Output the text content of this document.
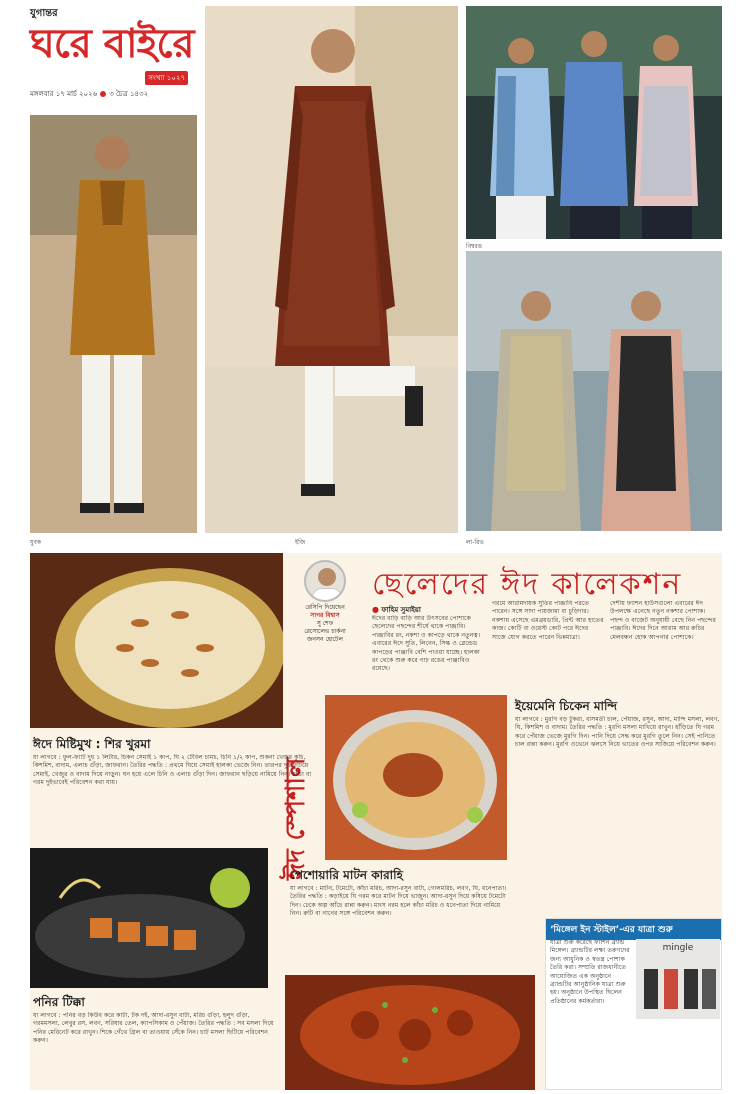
যুগান্তর
ঘরে বাইরে
সংখ্যা ১০২৭
মঙ্গলবার ১৭ মার্চ ২০২৬ ৩ চৈত্র ১৪৩২
যুবক	ইজি
বিশ্বরঙ
লা-রিভ
রেসিপি দিয়েছেন
সাগর বিশ্বাস
সু শেফ
রেসোলেভ চার্কনা
জনসন হোটেল
ছেলেদের ঈদ কালেকশন
● ফাহিম সুমাইয়া
ঈদের বাড়ি বাড়ি আর উৎসবের পোশাকে ছেলেদের পছন্দের শীর্ষে থাকে পাঞ্জাবি। পাঞ্জাবির রং, নকশা ও কাপড়ে থাকে নতুনত্ব। এবারের ঈদে সুতি, লিনেন, সিল্ক ও ব্লেন্ডেড কাপড়ের পাঞ্জাবি বেশি পাওয়া যাচ্ছে। হালকা রং থেকে শুরু করে গাঢ় রঙের পাঞ্জাবিও রয়েছে।
গরমে আরামদায়ক সুতির পাঞ্জাবি পরতে পারেন। সঙ্গে সাদা পায়জামা বা চুড়িদার। নকশায় এসেছে এমব্রয়ডারি, প্রিন্ট আর হাতের কাজ। কোটি বা ওয়েস্ট কোট পরে ঈদের সাজে যোগ করতে পারেন ভিন্নমাত্রা।
দেশীয় ফ্যাশন হাউসগুলো এবারের ঈদ উপলক্ষে এনেছে নতুন নকশার পোশাক। পছন্দ ও বাজেট অনুযায়ী বেছে নিন পছন্দের পাঞ্জাবি। ঈদের দিনে আরাম আর রুচির মেলবন্ধন হোক আপনার পোশাকে।
ঈদ স্পেশাল
ইয়েমেনি চিকেন মান্দি
যা লাগবে : মুরগি বড় টুকরা, বাসমতী চাল, পেঁয়াজ, রসুন, আদা, মান্দি মসলা, লবণ, ঘি, কিশমিশ ও বাদাম। তৈরির পদ্ধতি : মুরগি মসলা মাখিয়ে রাখুন। হাঁড়িতে ঘি গরম করে পেঁয়াজ ভেজে মুরগি দিন। পানি দিয়ে সেদ্ধ করে মুরগি তুলে নিন। সেই পানিতে চাল রান্না করুন। মুরগি ওভেনে ঝলসে নিয়ে ভাতের ওপর সাজিয়ে পরিবেশন করুন।
ঈদে মিষ্টিমুখ : শির খুরমা
যা লাগবে : ফুল-ফ্যাট দুধ ১ লিটার, চিকন সেমাই ১ কাপ, ঘি ২ টেবিল চামচ, চিনি ১/২ কাপ, শুকনা খেজুর কুচি, কিশমিশ, বাদাম, এলাচ গুঁড়া, জাফরান। তৈরির পদ্ধতি : প্রথমে ঘিয়ে সেমাই হালকা ভেজে নিন। তারপর দুধ ফুটিয়ে সেমাই, খেজুর ও বাদাম দিয়ে নাড়ুন। ঘন হয়ে এলে চিনি ও এলাচ গুঁড়া দিন। জাফরান ছড়িয়ে নামিয়ে নিন। ঠান্ডা বা গরম দুইভাবেই পরিবেশন করা যায়।
পনির টিক্কা
যা লাগবে : পনির বড় কিউব করে কাটা, টক দই, আদা-রসুন বাটা, মরিচ গুঁড়া, হলুদ গুঁড়া, গরমমসলা, লেবুর রস, লবণ, সরিষার তেল, ক্যাপসিকাম ও পেঁয়াজ। তৈরির পদ্ধতি : সব মসলা দিয়ে পনির মেরিনেট করে রাখুন। শিকে গেঁথে গ্রিল বা তাওয়ায় সেঁকে নিন। চাট মসলা ছিটিয়ে পরিবেশন করুন।
পেশোয়ারি মাটন কারাহি
যা লাগবে : মাটন, টমেটো, কাঁচা মরিচ, আদা-রসুন বাটা, গোলমরিচ, লবণ, ঘি, ধনেপাতা। তৈরির পদ্ধতি : কড়াইয়ে ঘি গরম করে মাটন দিয়ে ভাজুন। আদা-রসুন দিয়ে কষিয়ে টমেটো দিন। ঢেকে অল্প আঁচে রান্না করুন। মাংস নরম হলে কাঁচা মরিচ ও ধনেপাতা দিয়ে নামিয়ে নিন। রুটি বা নানের সঙ্গে পরিবেশন করুন।
‘মিঙ্গেল ইন স্টাইল’-এর যাত্রা শুরু
যাত্রা শুরু করেছে ফ্যাশন ব্র্যান্ড মিঙ্গেল। ব্র্যান্ডটির লক্ষ্য তরুণদের জন্য আধুনিক ও স্বতন্ত্র পোশাক তৈরি করা। সম্প্রতি রাজধানীতে আয়োজিত এক অনুষ্ঠানে ব্র্যান্ডটির আনুষ্ঠানিক যাত্রা শুরু হয়। অনুষ্ঠানে উপস্থিত ছিলেন প্রতিষ্ঠানের কর্মকর্তারা।
mingle
